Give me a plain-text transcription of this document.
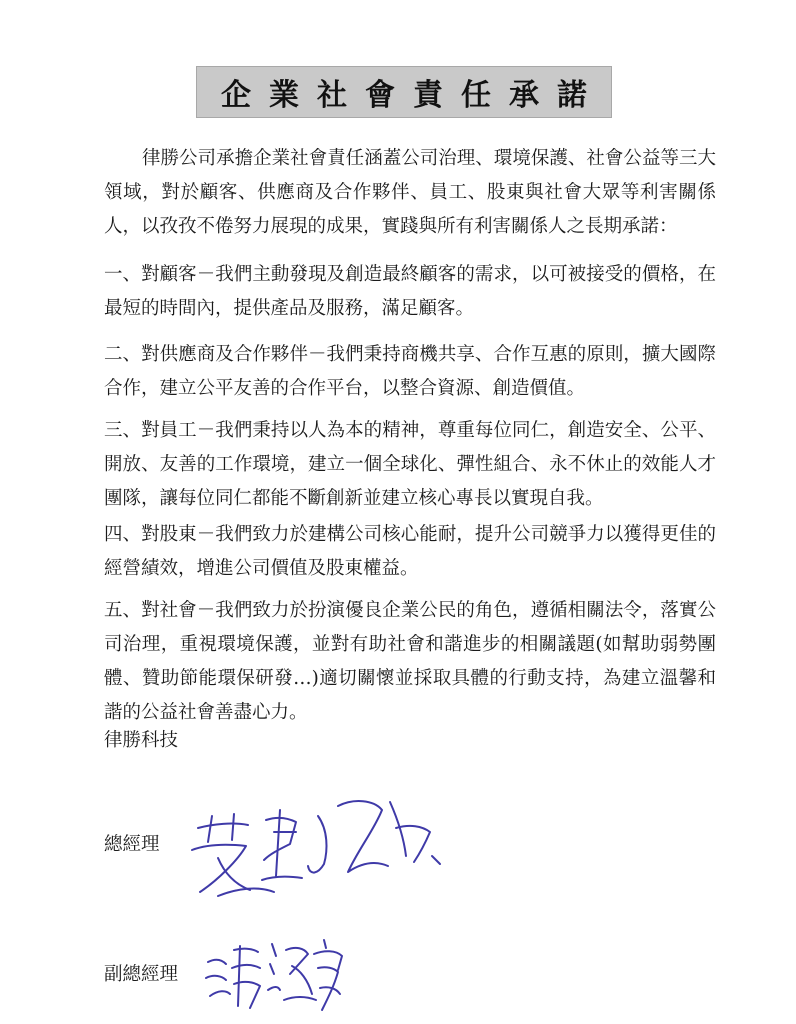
企業社會責任承諾

律勝公司承擔企業社會責任涵蓋公司治理、環境保護、社會公益等三大領域，對於顧客、供應商及合作夥伴、員工、股東與社會大眾等利害關係人，以孜孜不倦努力展現的成果，實踐與所有利害關係人之長期承諾：

一、對顧客－我們主動發現及創造最終顧客的需求，以可被接受的價格，在最短的時間內，提供產品及服務，滿足顧客。

二、對供應商及合作夥伴－我們秉持商機共享、合作互惠的原則，擴大國際合作，建立公平友善的合作平台，以整合資源、創造價值。

三、對員工－我們秉持以人為本的精神，尊重每位同仁，創造安全、公平、開放、友善的工作環境，建立一個全球化、彈性組合、永不休止的效能人才團隊，讓每位同仁都能不斷創新並建立核心專長以實現自我。

四、對股東－我們致力於建構公司核心能耐，提升公司競爭力以獲得更佳的經營績效，增進公司價值及股東權益。

五、對社會－我們致力於扮演優良企業公民的角色，遵循相關法令，落實公司治理，重視環境保護，並對有助社會和諧進步的相關議題(如幫助弱勢團體、贊助節能環保研發…)適切關懷並採取具體的行動支持，為建立溫馨和諧的公益社會善盡心力。

律勝科技
總經理
副總經理
